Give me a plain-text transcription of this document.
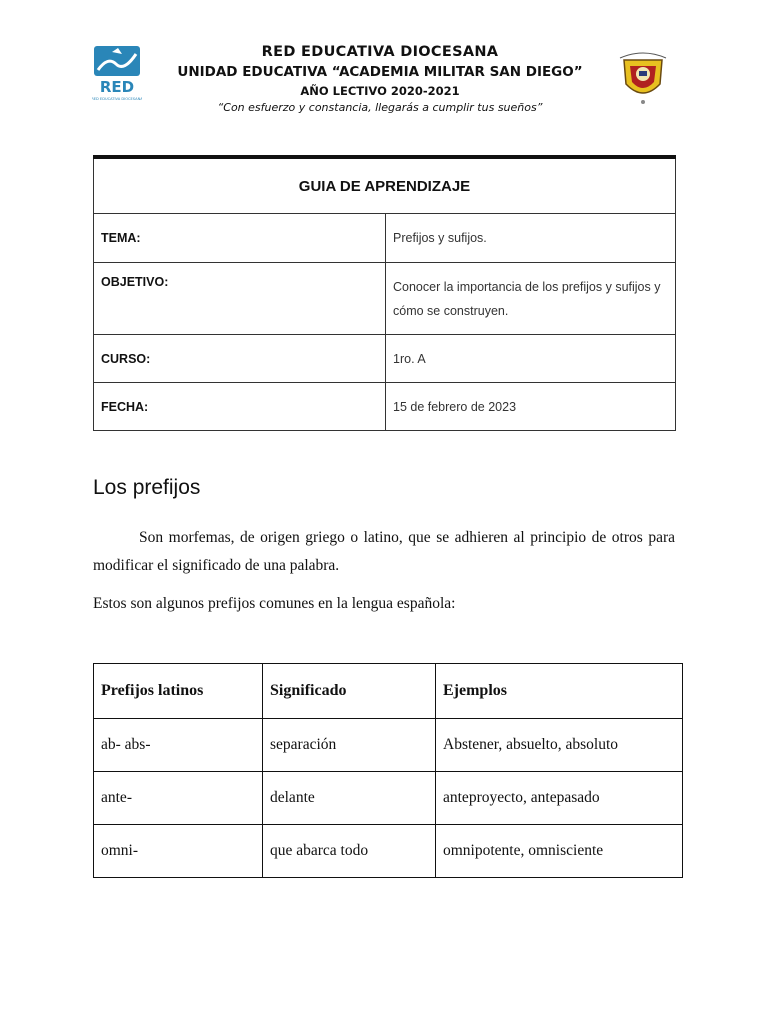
RED
RED EDUCATIVA DIOCESANA
RED EDUCATIVA DIOCESANA
UNIDAD EDUCATIVA “ACADEMIA MILITAR SAN DIEGO”
AÑO LECTIVO 2020-2021
“Con esfuerzo y constancia, llegarás a cumplir tus sueños”
GUIA DE APRENDIZAJE	
TEMA:	Prefijos y sufijos.
OBJETIVO:	Conocer la importancia de los prefijos y sufijos y cómo se construyen.
CURSO:	1ro. A
FECHA:	15 de febrero de 2023
Los prefijos

Son morfemas, de origen griego o latino, que se adhieren al principio de otros para modificar el significado de una palabra.

Estos son algunos prefijos comunes en la lengua española:

Prefijos latinos	Significado	Ejemplos
ab- abs-	separación	Abstener, absuelto, absoluto
ante-	delante	anteproyecto, antepasado
omni-	que abarca todo	omnipotente, omnisciente
